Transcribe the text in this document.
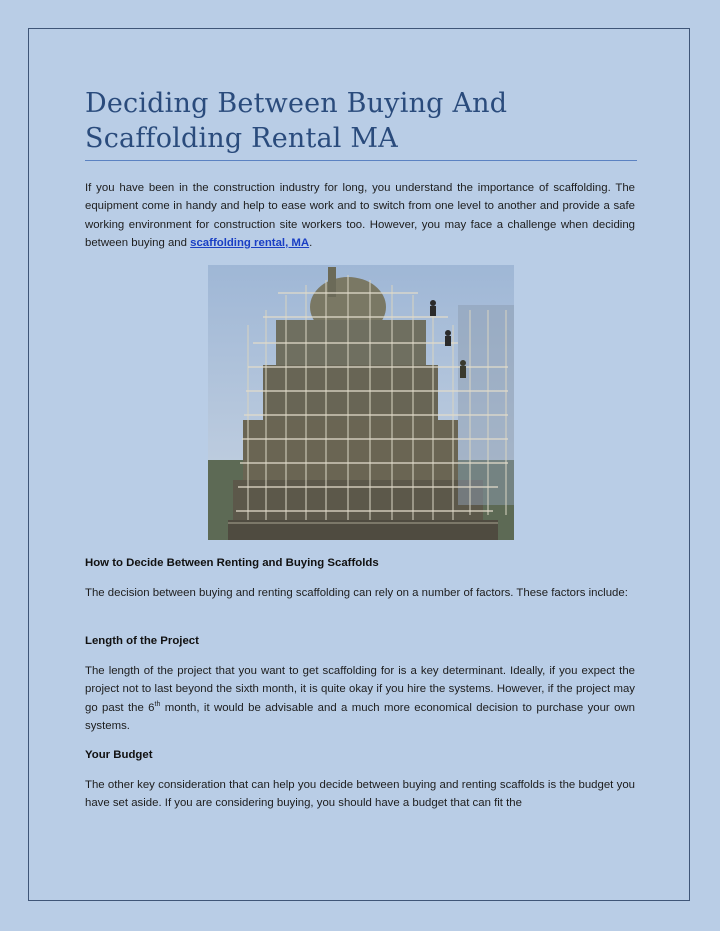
Deciding Between Buying And
Scaffolding Rental MA

If you have been in the construction industry for long, you understand the importance of scaffolding. The equipment come in handy and help to ease work and to switch from one level to another and provide a safe working environment for construction site workers too. However, you may face a challenge when deciding between buying and scaffolding rental, MA.

How to Decide Between Renting and Buying Scaffolds

The decision between buying and renting scaffolding can rely on a number of factors. These factors include:

Length of the Project

The length of the project that you want to get scaffolding for is a key determinant. Ideally, if you expect the project not to last beyond the sixth month, it is quite okay if you hire the systems. However, if the project may go past the 6th month, it would be advisable and a much more economical decision to purchase your own systems.

Your Budget

The other key consideration that can help you decide between buying and renting scaffolds is the budget you have set aside. If you are considering buying, you should have a budget that can fit the
